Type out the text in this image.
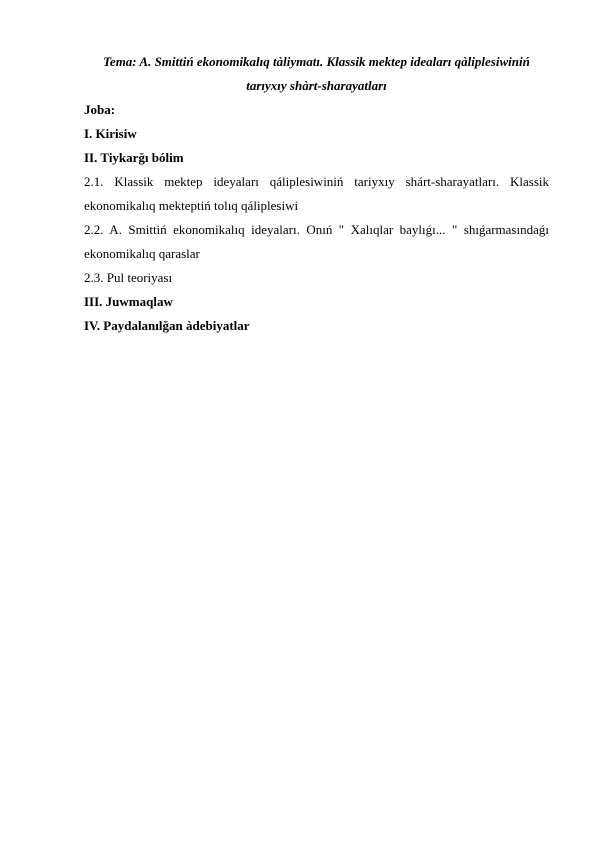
Tema: A. Smittiń ekonomikalıq tàliymatı. Klassik mektep ideaları qàliplesiwiniń
tarıyxıy shàrt-sharayatları

Joba:

I. Kirisiw

II. Tiykarğı bólim

2.1. Klassik mektep ideyaları qáliplesiwiniń tariyxıy shárt-sharayatları. Klassik ekonomikalıq mekteptiń tolıq qáliplesiwi

2.2. A. Smittiń ekonomikalıq ideyaları. Onıń " Xalıqlar baylıǵı... " shıǵarmasındaǵı ekonomikalıq qaraslar

2.3. Pul teoriyası

III. Juwmaqlaw

IV. Paydalanılğan àdebiyatlar
